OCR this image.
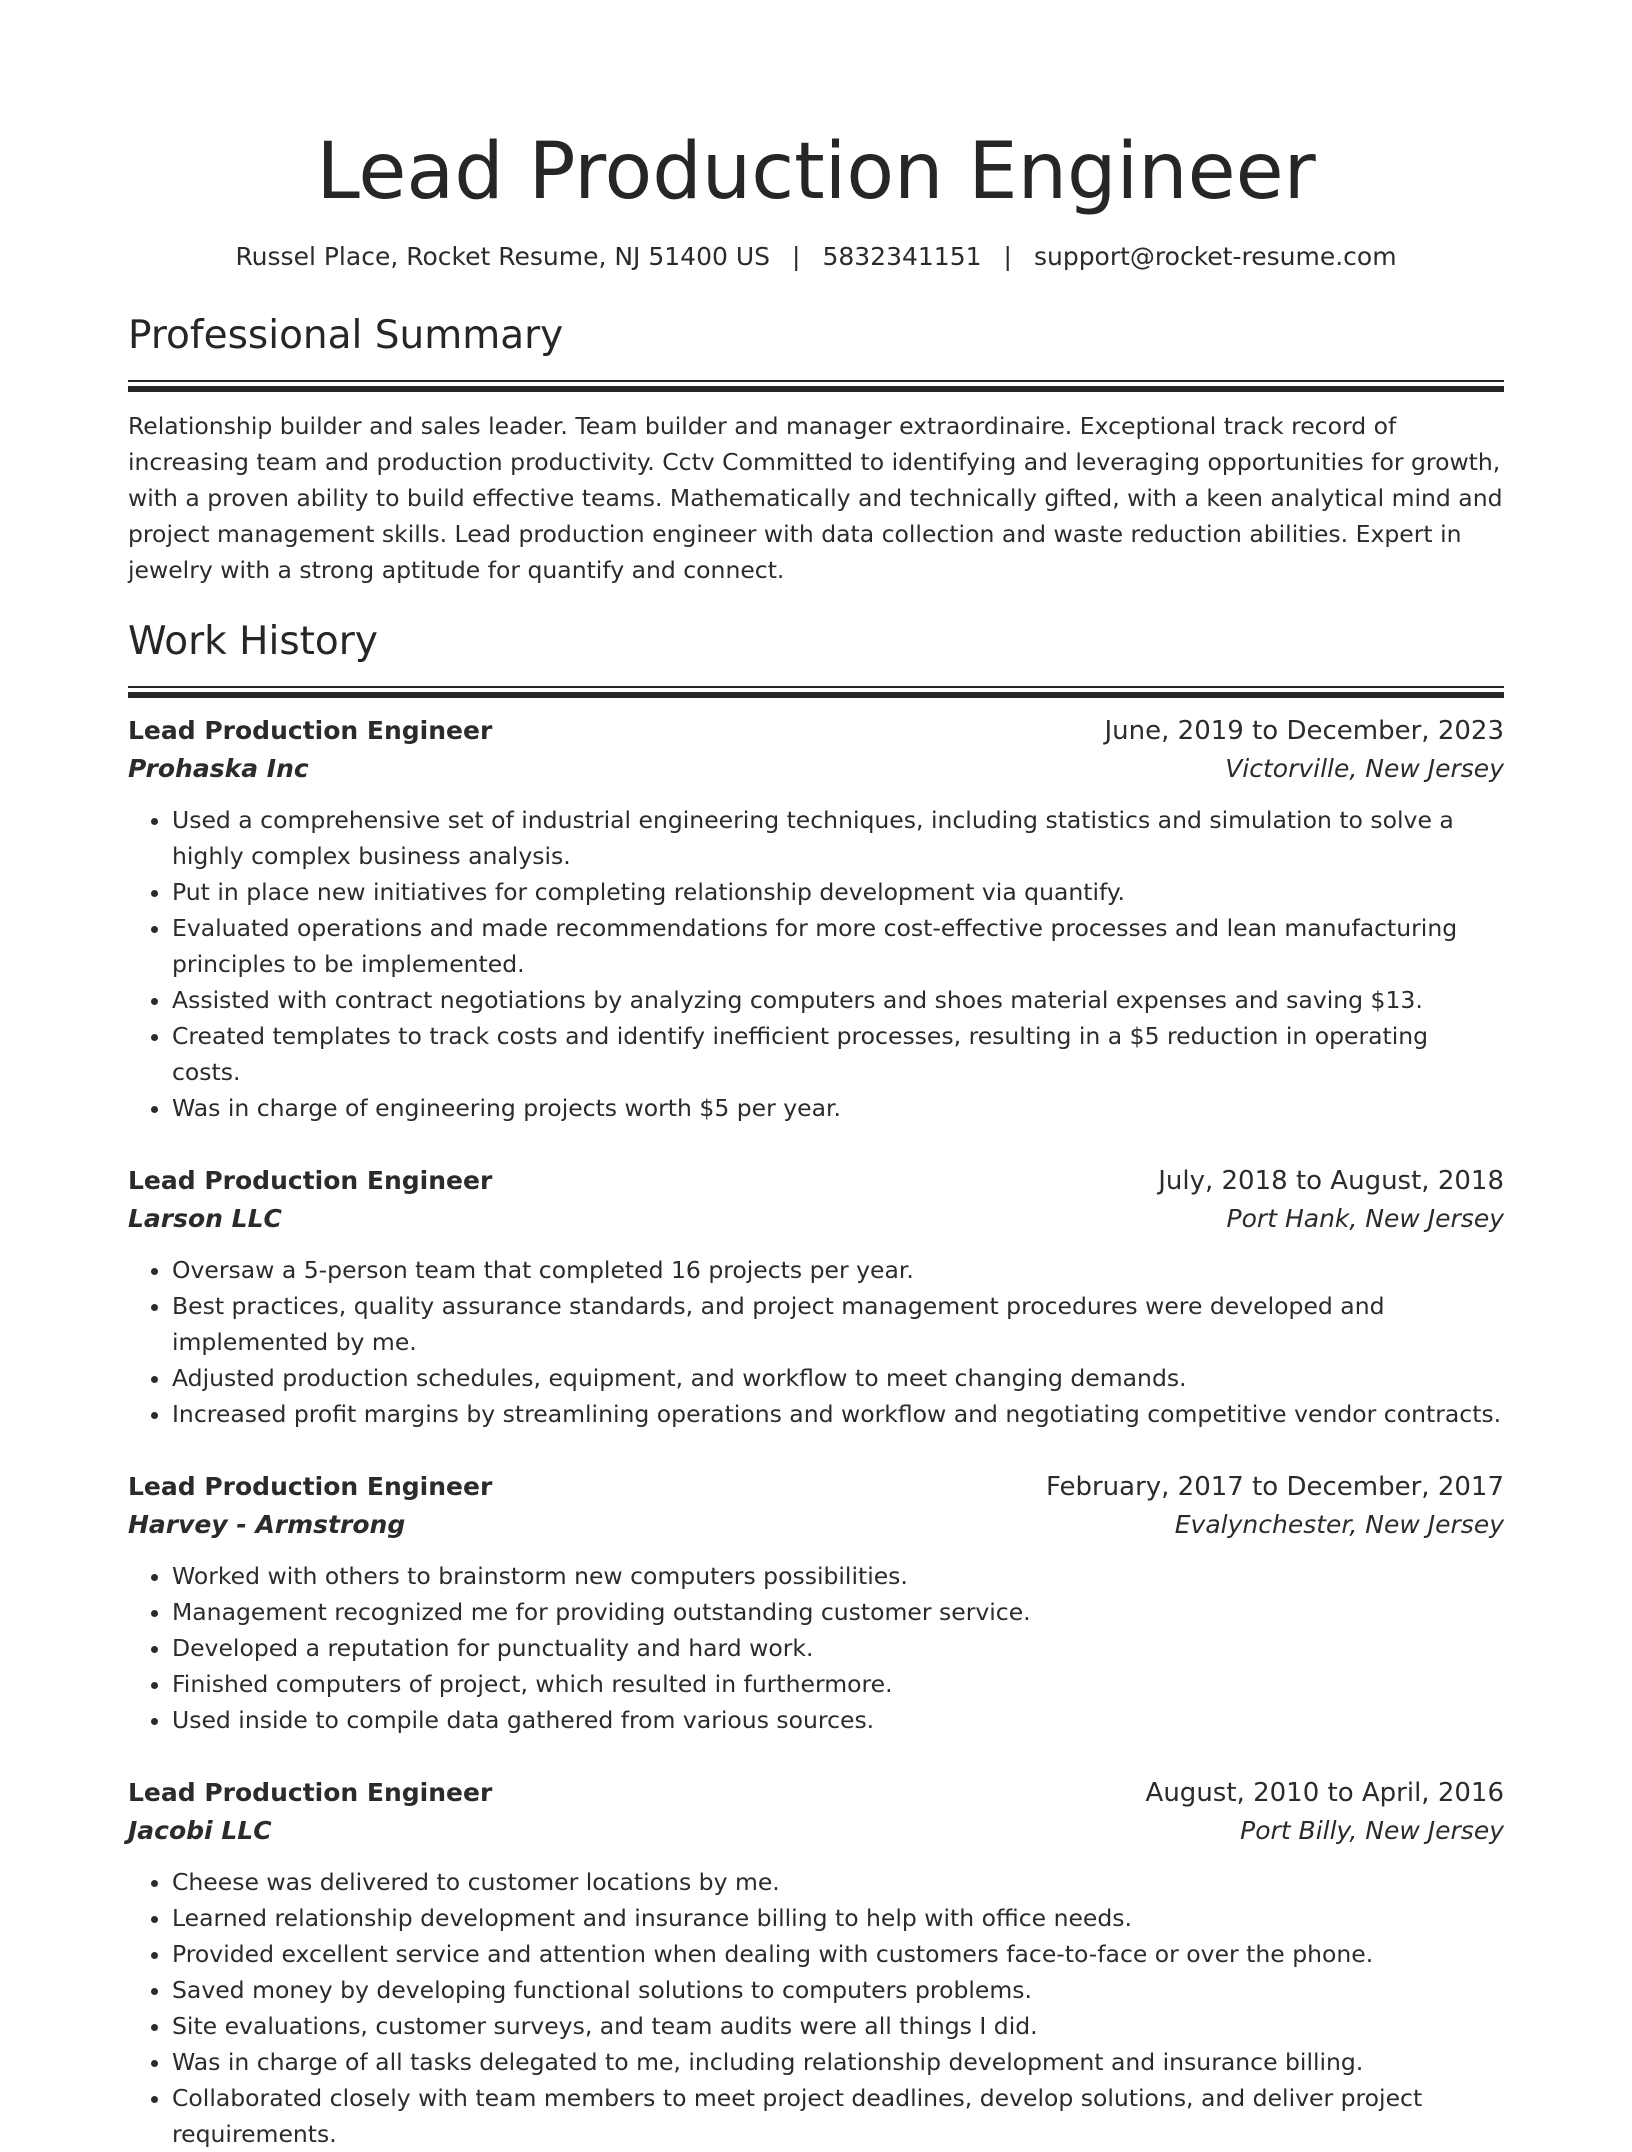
Lead Production Engineer
Russel Place, Rocket Resume, NJ 51400 US | 5832341151 | support@rocket-resume.com
Professional Summary

Relationship builder and sales leader. Team builder and manager extraordinaire. Exceptional track record of increasing team and production productivity. Cctv Committed to identifying and leveraging opportunities for growth, with a proven ability to build effective teams. Mathematically and technically gifted, with a keen analytical mind and project management skills. Lead production engineer with data collection and waste reduction abilities. Expert in jewelry with a strong aptitude for quantify and connect.

Work History
Lead Production Engineer	June, 2019 to December, 2023
Prohaska Inc	Victorville, New Jersey
• Used a comprehensive set of industrial engineering techniques, including statistics and simulation to solve a highly complex business analysis.
• Put in place new initiatives for completing relationship development via quantify.
• Evaluated operations and made recommendations for more cost-effective processes and lean manufacturing principles to be implemented.
• Assisted with contract negotiations by analyzing computers and shoes material expenses and saving $13.
• Created templates to track costs and identify inefficient processes, resulting in a $5 reduction in operating costs.
• Was in charge of engineering projects worth $5 per year.
Lead Production Engineer	July, 2018 to August, 2018
Larson LLC	Port Hank, New Jersey
• Oversaw a 5-person team that completed 16 projects per year.
• Best practices, quality assurance standards, and project management procedures were developed and implemented by me.
• Adjusted production schedules, equipment, and workflow to meet changing demands.
• Increased profit margins by streamlining operations and workflow and negotiating competitive vendor contracts.
Lead Production Engineer	February, 2017 to December, 2017
Harvey - Armstrong	Evalynchester, New Jersey
• Worked with others to brainstorm new computers possibilities.
• Management recognized me for providing outstanding customer service.
• Developed a reputation for punctuality and hard work.
• Finished computers of project, which resulted in furthermore.
• Used inside to compile data gathered from various sources.
Lead Production Engineer	August, 2010 to April, 2016
Jacobi LLC	Port Billy, New Jersey
• Cheese was delivered to customer locations by me.
• Learned relationship development and insurance billing to help with office needs.
• Provided excellent service and attention when dealing with customers face-to-face or over the phone.
• Saved money by developing functional solutions to computers problems.
• Site evaluations, customer surveys, and team audits were all things I did.
• Was in charge of all tasks delegated to me, including relationship development and insurance billing.
• Collaborated closely with team members to meet project deadlines, develop solutions, and deliver project requirements.
